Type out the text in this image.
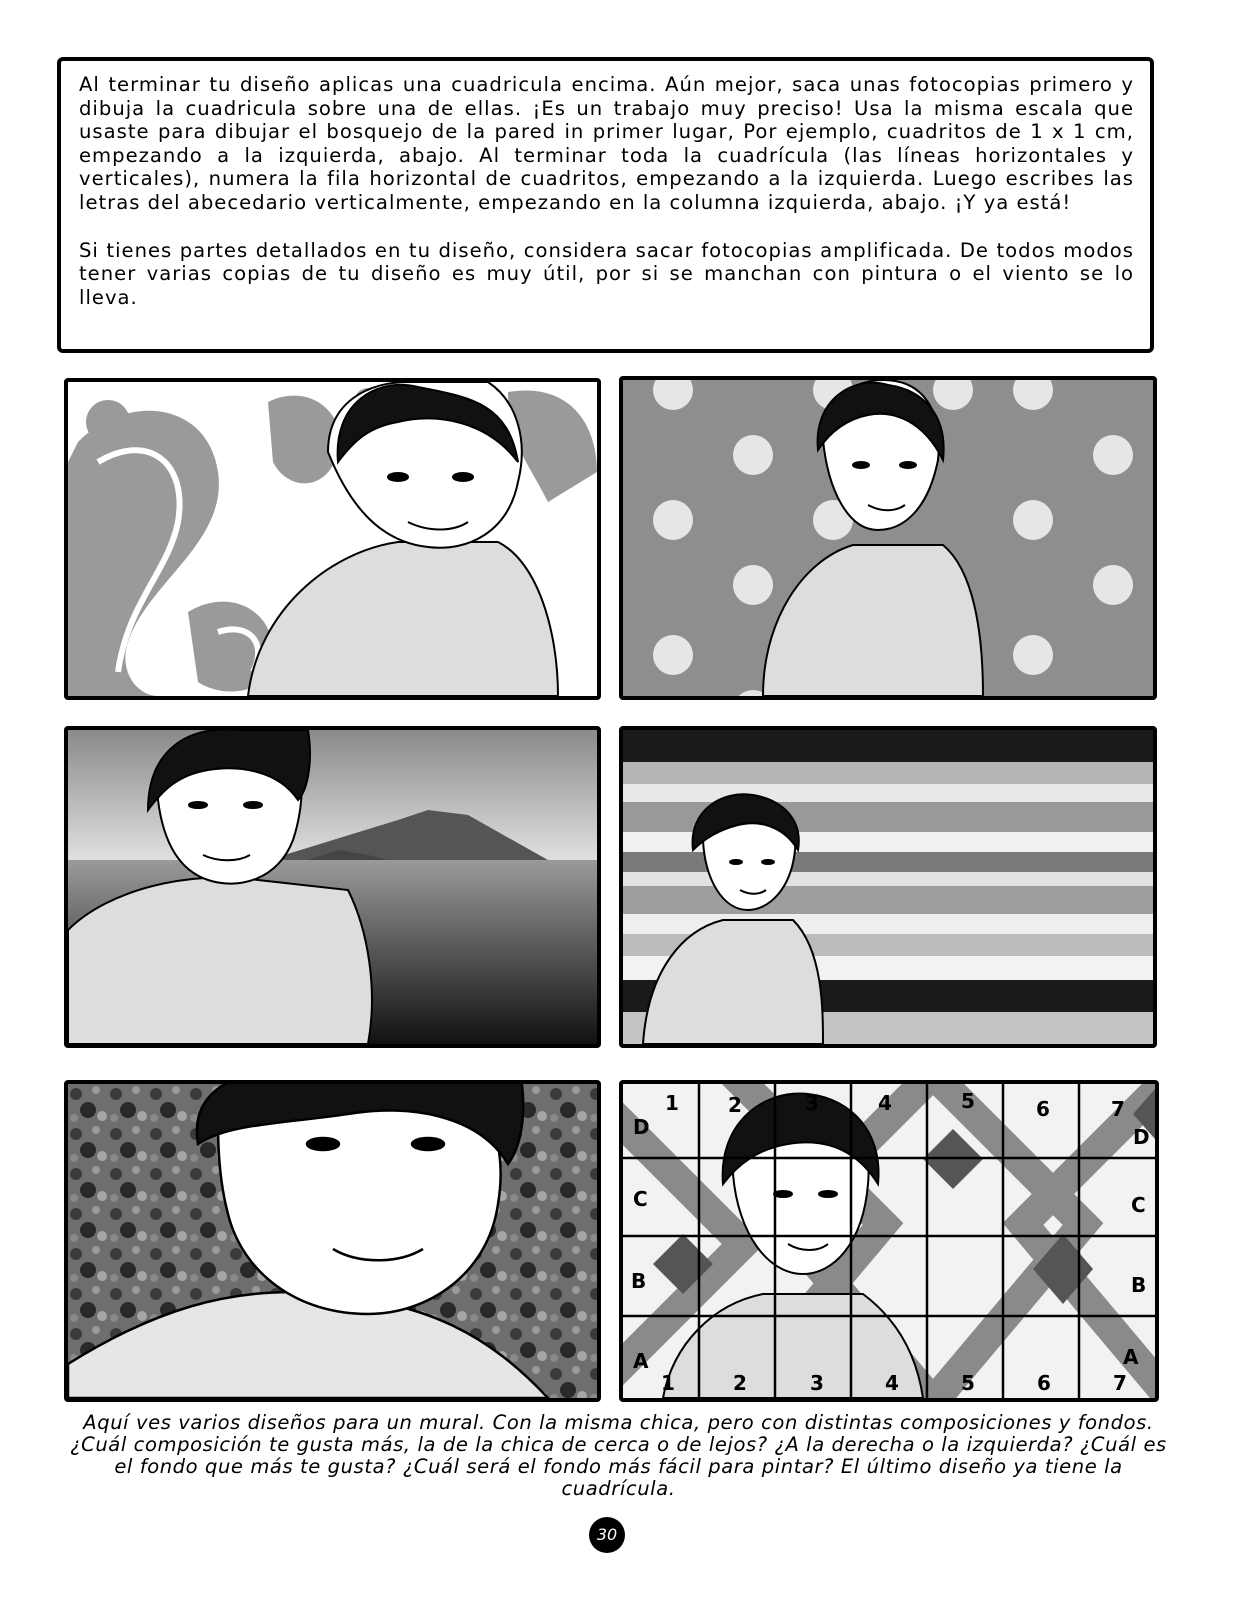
Al terminar tu diseño aplicas una cuadricula encima. Aún mejor, saca unas fotocopias primero y dibuja la cuadricula sobre una de ellas. ¡Es un trabajo muy preciso! Usa la misma escala que usaste para dibujar el bosquejo de la pared in primer lugar, Por ejemplo, cuadritos de 1 x 1 cm, empezando a la izquierda, abajo. Al terminar toda la cuadrícula (las líneas horizontales y verticales), numera la fila horizontal de cuadritos, empezando a la izquierda. Luego escribes las letras del abecedario verticalmente, empezando en la columna izquierda, abajo. ¡Y ya está!

Si tienes partes detallados en tu diseño, considera sacar fotocopias amplificada. De todos modos tener varias copias de tu diseño es muy útil, por si se manchan con pintura o el viento se lo lleva.

1 2	3	4	5	6	7
1	2	3	4	5	6	7
D
C
B
A
D
C
B
A

Aquí ves varios diseños para un mural. Con la misma chica, pero con distintas composiciones y fondos. ¿Cuál composición te gusta más, la de la chica de cerca o de lejos? ¿A la derecha o la izquierda? ¿Cuál es el fondo que más te gusta? ¿Cuál será el fondo más fácil para pintar? El último diseño ya tiene la cuadrícula.

30
